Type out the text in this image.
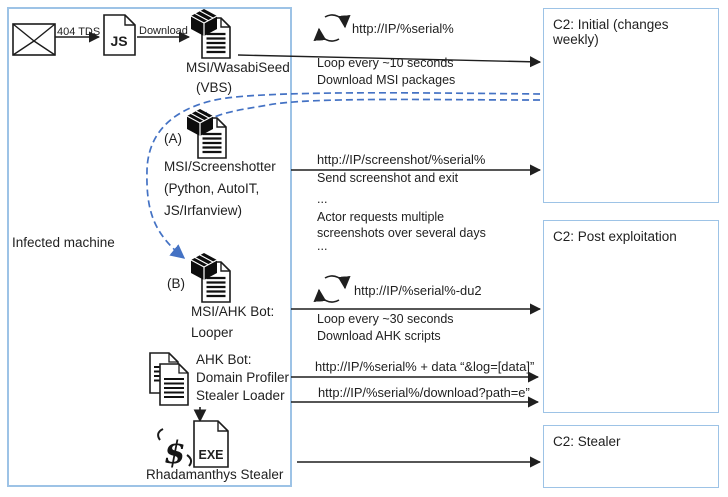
C2: Initial (changes weekly)
C2: Post exploitation
C2: Stealer
JS
$ EXE
404 TDS	Download
MSI/WasabiSeed
(VBS)
http://IP/%serial%
Loop every ~10 seconds
Download MSI packages
(A)
MSI/Screenshotter
(Python, AutoIT,
JS/Irfanview)
http://IP/screenshot/%serial%
Send screenshot and exit
...
Actor requests multiple
screenshots over several days
...
Infected machine
(B)
MSI/AHK Bot:
Looper
http://IP/%serial%-du2
Loop every ~30 seconds
Download AHK scripts
AHK Bot:
Domain Profiler
Stealer Loader
http://IP/%serial% + data “&log=[data]”
http://IP/%serial%/download?path=e”
Rhadamanthys Stealer
